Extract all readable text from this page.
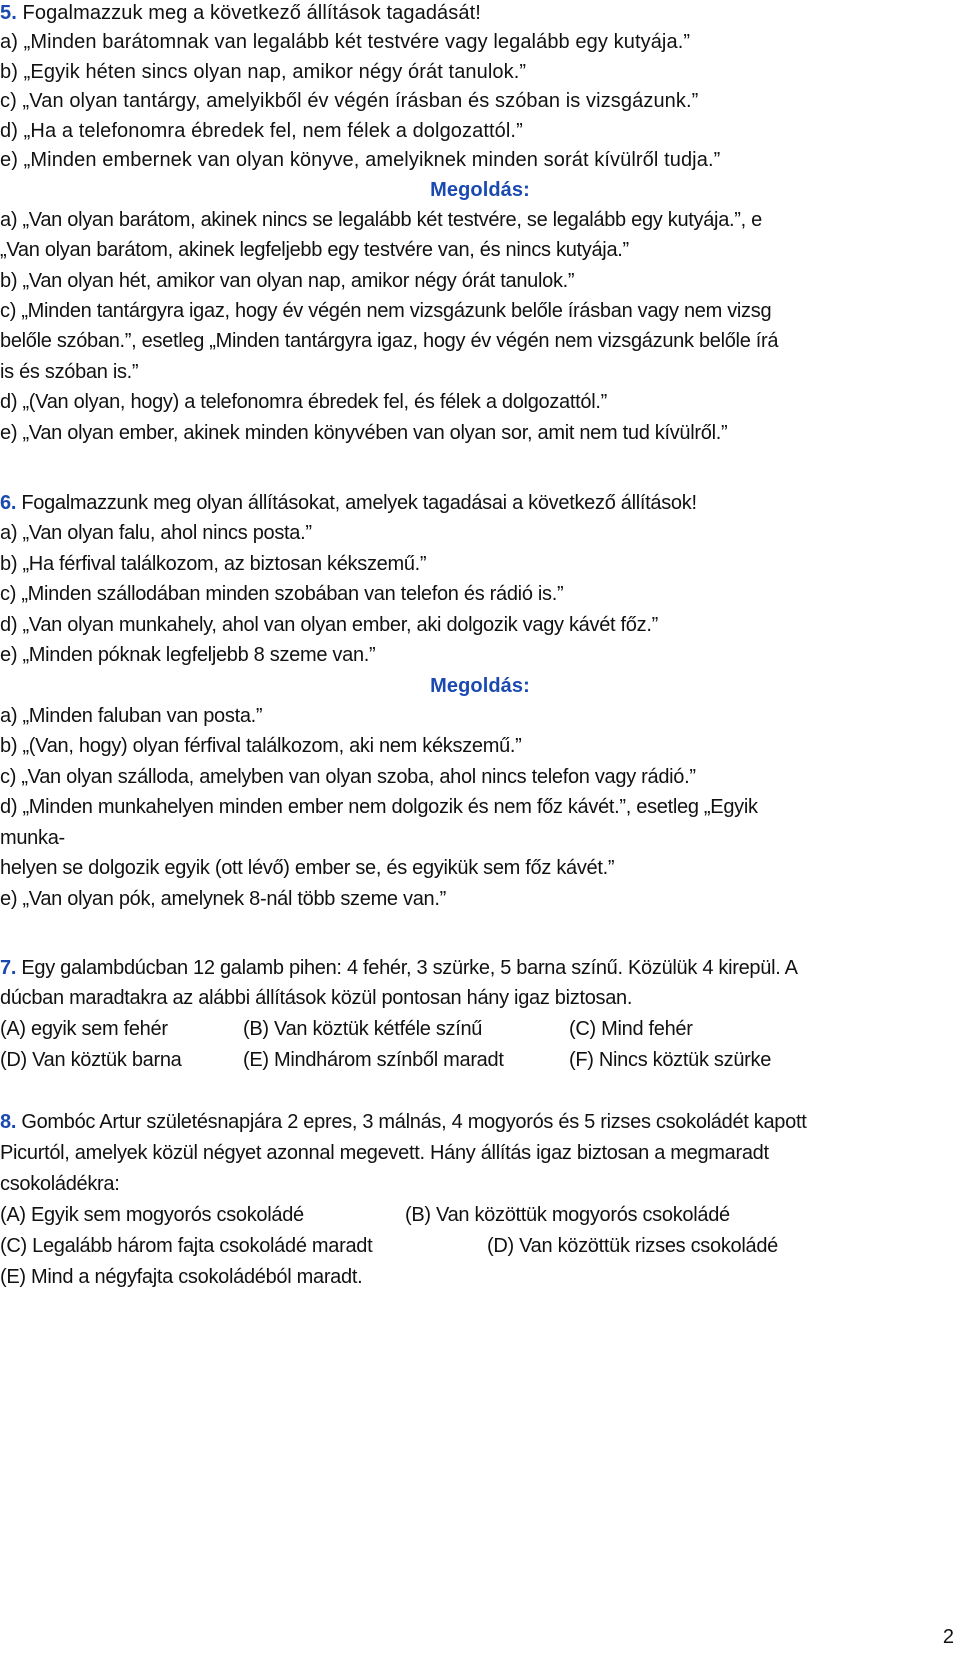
5. Fogalmazzuk meg a következő állítások tagadását!
a) „Minden barátomnak van legalább két testvére vagy legalább egy kutyája.”
b) „Egyik héten sincs olyan nap, amikor négy órát tanulok.”
c) „Van olyan tantárgy, amelyikből év végén írásban és szóban is vizsgázunk.”
d) „Ha a telefonomra ébredek fel, nem félek a dolgozattól.”
e) „Minden embernek van olyan könyve, amelyiknek minden sorát kívülről tudja.”
Megoldás:
a) „Van olyan barátom, akinek nincs se legalább két testvére, se legalább egy kutyája.”, e
„Van olyan barátom, akinek legfeljebb egy testvére van, és nincs kutyája.”
b) „Van olyan hét, amikor van olyan nap, amikor négy órát tanulok.”
c) „Minden tantárgyra igaz, hogy év végén nem vizsgázunk belőle írásban vagy nem vizsg
belőle szóban.”, esetleg „Minden tantárgyra igaz, hogy év végén nem vizsgázunk belőle írá
is és szóban is.”
d) „(Van olyan, hogy) a telefonomra ébredek fel, és félek a dolgozattól.”
e) „Van olyan ember, akinek minden könyvében van olyan sor, amit nem tud kívülről.”
6. Fogalmazzunk meg olyan állításokat, amelyek tagadásai a következő állítások!
a) „Van olyan falu, ahol nincs posta.”
b) „Ha férfival találkozom, az biztosan kékszemű.”
c) „Minden szállodában minden szobában van telefon és rádió is.”
d) „Van olyan munkahely, ahol van olyan ember, aki dolgozik vagy kávét főz.”
e) „Minden póknak legfeljebb 8 szeme van.”
Megoldás:
a) „Minden faluban van posta.”
b) „(Van, hogy) olyan férfival találkozom, aki nem kékszemű.”
c) „Van olyan szálloda, amelyben van olyan szoba, ahol nincs telefon vagy rádió.”
d) „Minden munkahelyen minden ember nem dolgozik és nem főz kávét.”, esetleg „Egyik
munka-
helyen se dolgozik egyik (ott lévő) ember se, és egyikük sem főz kávét.”
e) „Van olyan pók, amelynek 8-nál több szeme van.”
7. Egy galambdúcban 12 galamb pihen: 4 fehér, 3 szürke, 5 barna színű. Közülük 4 kirepül. A
dúcban maradtakra az alábbi állítások közül pontosan hány igaz biztosan.
(A) egyik sem fehér	(B) Van köztük kétféle színű	(C) Mind fehér
(D) Van köztük barna	(E) Mindhárom színből maradt	(F) Nincs köztük szürke
8. Gombóc Artur születésnapjára 2 epres, 3 málnás, 4 mogyorós és 5 rizses csokoládét kapott
Picurtól, amelyek közül négyet azonnal megevett. Hány állítás igaz biztosan a megmaradt
csokoládékra:
(A) Egyik sem mogyorós csokoládé	(B) Van közöttük mogyorós csokoládé
(C) Legalább három fajta csokoládé maradt	(D) Van közöttük rizses csokoládé
(E) Mind a négyfajta csokoládéból maradt.
2
